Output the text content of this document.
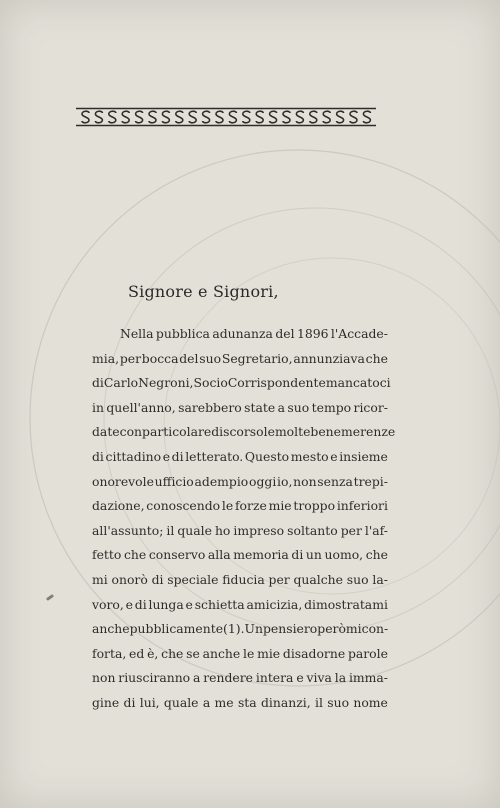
Signore e Signori,
Nella pubblica adunanza del 1896 l'Accade-
mia, per bocca del suo Segretario, annunziava che
di Carlo Negroni, Socio Corrispondente mancatoci
in quell'anno, sarebbero state a suo tempo ricor-
date con particolare discorso le molte benemerenze
di cittadino e di letterato. Questo mesto e insieme
onorevole ufficio adempio oggi io, non senza trepi-
dazione, conoscendo le forze mie troppo inferiori
all'assunto; il quale ho impreso soltanto per l'af-
fetto che conservo alla memoria di un uomo, che
mi onorò di speciale fiducia per qualche suo la-
voro, e di lunga e schietta amicizia, dimostratami
anche pubblicamente (1). Un pensiero però mi con-
forta, ed è, che se anche le mie disadorne parole
non riusciranno a rendere intera e viva la imma-
gine di lui, quale a me sta dinanzi, il suo nome
